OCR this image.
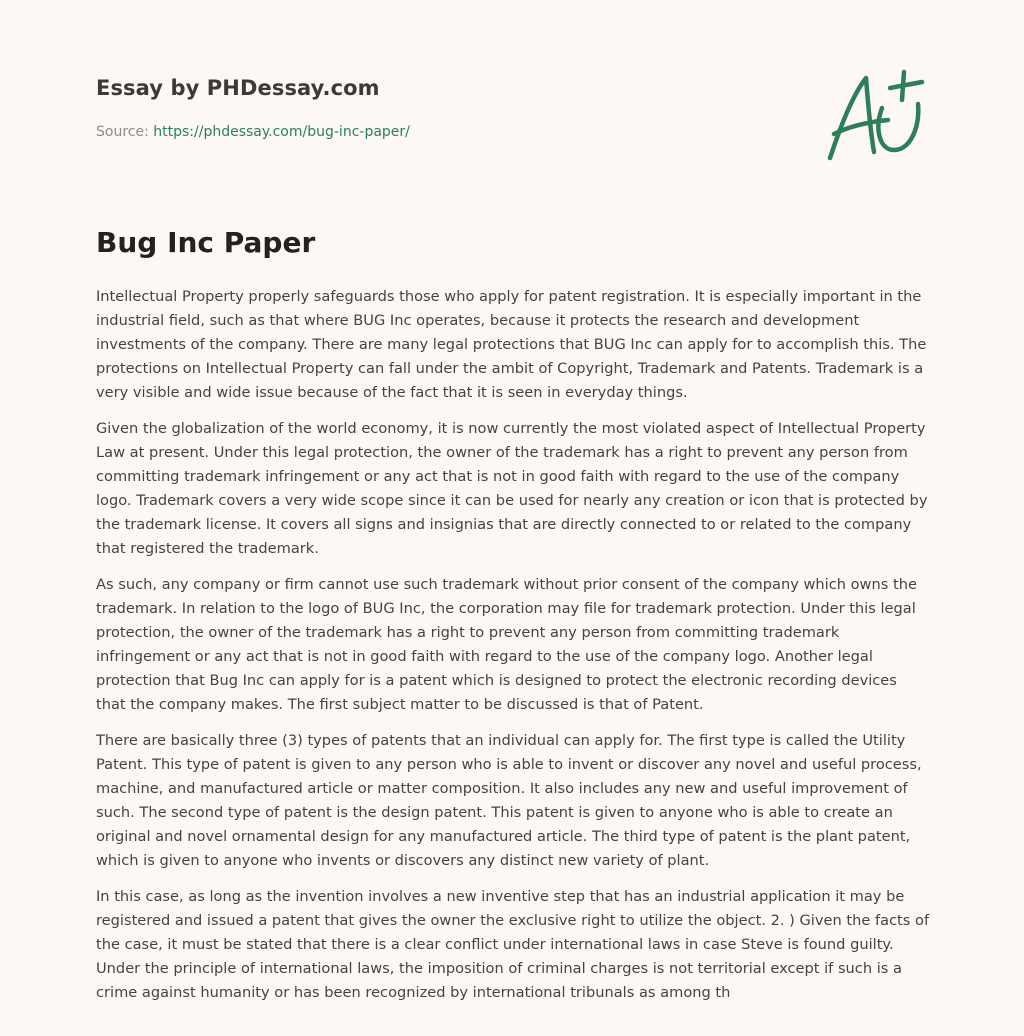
Essay by PHDessay.com
Source: https://phdessay.com/bug-inc-paper/
Bug Inc Paper

Intellectual Property properly safeguards those who apply for patent registration. It is especially important in the industrial field, such as that where BUG Inc operates, because it protects the research and development investments of the company. There are many legal protections that BUG Inc can apply for to accomplish this. The protections on Intellectual Property can fall under the ambit of Copyright, Trademark and Patents. Trademark is a very visible and wide issue because of the fact that it is seen in everyday things.

Given the globalization of the world economy, it is now currently the most violated aspect of Intellectual Property Law at present. Under this legal protection, the owner of the trademark has a right to prevent any person from committing trademark infringement or any act that is not in good faith with regard to the use of the company logo. Trademark covers a very wide scope since it can be used for nearly any creation or icon that is protected by the trademark license. It covers all signs and insignias that are directly connected to or related to the company that registered the trademark.

As such, any company or firm cannot use such trademark without prior consent of the company which owns the trademark. In relation to the logo of BUG Inc, the corporation may file for trademark protection. Under this legal protection, the owner of the trademark has a right to prevent any person from committing trademark infringement or any act that is not in good faith with regard to the use of the company logo. Another legal protection that Bug Inc can apply for is a patent which is designed to protect the electronic recording devices that the company makes. The first subject matter to be discussed is that of Patent.

There are basically three (3) types of patents that an individual can apply for. The first type is called the Utility Patent. This type of patent is given to any person who is able to invent or discover any novel and useful process, machine, and manufactured article or matter composition. It also includes any new and useful improvement of such. The second type of patent is the design patent. This patent is given to anyone who is able to create an original and novel ornamental design for any manufactured article. The third type of patent is the plant patent, which is given to anyone who invents or discovers any distinct new variety of plant.

In this case, as long as the invention involves a new inventive step that has an industrial application it may be registered and issued a patent that gives the owner the exclusive right to utilize the object. 2. ) Given the facts of the case, it must be stated that there is a clear conflict under international laws in case Steve is found guilty. Under the principle of international laws, the imposition of criminal charges is not territorial except if such is a crime against humanity or has been recognized by international tribunals as among th
